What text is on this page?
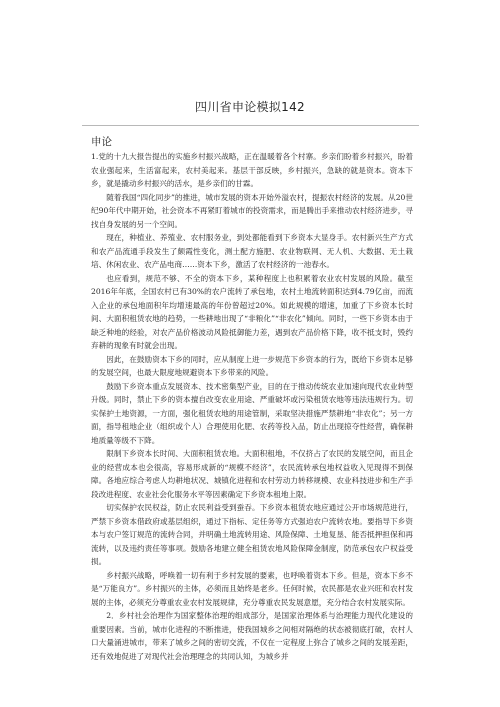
四川省申论模拟142
申论

1.党的十九大报告提出的实施乡村振兴战略，正在温暖着各个村寨。乡亲们盼着乡村振兴，盼着农业强起来，生活富起来，农村美起来。基层干部反映，乡村振兴，急缺的就是资本。资本下乡，就是撬动乡村振兴的活水，是乡亲们的甘霖。

随着我国“四化同步”的推进，城市发展的资本开始外溢农村，提振农村经济的发展。从20世纪90年代中期开始，社会资本不再紧盯着城市的投资需求，而是腾出手来推动农村经济进步，寻找自身发展的另一个空间。

现在，种植业、养殖业、农村服务业，到处都能看到下乡资本大显身手。农村新兴生产方式和农产品流通手段发生了颇霞性变化，测土配方施肥、农业物联网、无人机、大数据、无土栽培、休闲农业、农产品电商……资本下乡，激活了农村经济的一池春水。

也应看到，规范不够、不全的资本下乡，某种程度上也积累着农业农村发展的风险。截至2016年年底，全国农村已有30%的农户流转了承包地，农村土地流转面积达到4.79亿亩，而流入企业的承包地面积年均增速最高的年份曾超过20%。如此规模的增速，加重了下乡资本长时间、大面积租赁农地的趋势，一些耕地出现了“非粮化”“非农化”倾向。同时，一些下乡资本由于缺乏种地的经验，对农产品价格波动风险抵御能力差，遇到农产品价格下降，收不抵支时，毁约弃耕的现象有时就会出现。

因此，在鼓励资本下乡的同时，应从制度上进一步规范下乡资本的行为，既给下乡资本足够的发展空间，也最大限度地规避资本下乡带来的风险。

鼓励下乡资本重点发展资本、技术密集型产业，目的在于推动传统农业加速向现代农业转型升级。同时，禁止下乡的资本擅自改变农业用途、严重破坏或污染租赁农地等违法违规行为。切实保护土地资源，一方面，强化租赁农地的用途管制，采取坚决措施严禁耕地“非农化”；另一方面，指导租地企业（组织或个人）合理使用化肥、农药等投入品，防止出现掠夺性经营，确保耕地质量等级不下降。

限制下乡资本长时间、大面积租赁农地。大面积租地，不仅挤占了农民的发展空间，而且企业的经营成本也会很高，容易形成新的“规模不经济”，农民流转承包地权益收入见现得不到保障。各地应综合考虑人均耕地状况、城镇化进程和农村劳动力转移规模、农业科技进步和生产手段改进程度、农业社会化服务水平等因素确定下乡资本租地上限。

切实保护农民权益，防止农民利益受到蚕吞。下乡资本租赁农地应通过公开市场规范进行，严禁下乡资本借政府或基层组织，通过下指标、定任务等方式强迫农户流转农地。要指导下乡资本与农户签订规范的流转合同，并明确土地流转用途、风险保障、土地复垦、能否抵押担保和再流转，以及违约责任等事项。鼓励各地建立健全租赁农地风险保障金制度，防范承包农户权益受损。

乡村振兴战略，呼唤着一切有利于乡村发展的要素，也呼唤着资本下乡。但是，资本下乡不是“万能良方”。乡村振兴的主体，必须而且始终是老乡。任何时候，农民都是农业兴旺和农村发展的主体，必须充分尊重农业农村发展规律，充分尊重农民发展意愿，充分结合农村发展实际。

2．乡村社会治理作为国家整体治理的组成部分，是国家治理体系与治理能力现代化建设的重要因素。当前，城市化进程的不断推进，使我国城乡之间相对隔绝的状态被彻底打破，农村人口大量涌进城市，带来了城乡之间的密切交流，不仅在一定程度上弥合了城乡之间的发展差距，还有效地促进了对现代社会治理理念的共同认知，为城乡并
